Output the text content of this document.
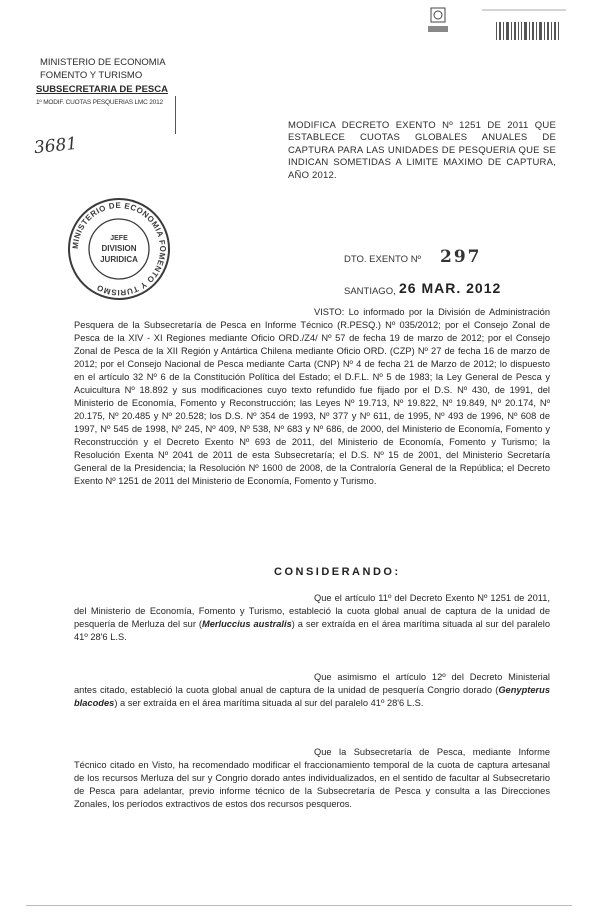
MINISTERIO DE ECONOMIA
FOMENTO Y TURISMO
SUBSECRETARIA DE PESCA
1º MODIF. CUOTAS PESQUERIAS LMC 2012
3681
MODIFICA DECRETO EXENTO Nº 1251 DE 2011 QUE ESTABLECE CUOTAS GLOBALES ANUALES DE CAPTURA PARA LAS UNIDADES DE PESQUERIA QUE SE INDICAN SOMETIDAS A LIMITE MAXIMO DE CAPTURA, AÑO 2012.
MINISTERIO DE ECONOMIA FOMENTO Y TURISMO
JEFE
DIVISION
JURIDICA	DTO. EXENTO Nº 297
SANTIAGO, 26 MAR. 2012
VISTO: Lo informado por la División de Administración Pesquera de la Subsecretaría de Pesca en Informe Técnico (R.PESQ.) Nº 035/2012; por el Consejo Zonal de Pesca de la XIV - XI Regiones mediante Oficio ORD./Z4/ Nº 57 de fecha 19 de marzo de 2012; por el Consejo Zonal de Pesca de la XII Región y Antártica Chilena mediante Oficio ORD. (CZP) Nº 27 de fecha 16 de marzo de 2012; por el Consejo Nacional de Pesca mediante Carta (CNP) Nº 4 de fecha 21 de Marzo de 2012; lo dispuesto en el artículo 32 Nº 6 de la Constitución Política del Estado; el D.F.L. Nº 5 de 1983; la Ley General de Pesca y Acuicultura Nº 18.892 y sus modificaciones cuyo texto refundido fue fijado por el D.S. Nº 430, de 1991, del Ministerio de Economía, Fomento y Reconstrucción; las Leyes Nº 19.713, Nº 19.822, Nº 19.849, Nº 20.174, Nº 20.175, Nº 20.485 y Nº 20.528; los D.S. Nº 354 de 1993, Nº 377 y Nº 611, de 1995, Nº 493 de 1996, Nº 608 de 1997, Nº 545 de 1998, Nº 245, Nº 409, Nº 538, Nº 683 y Nº 686, de 2000, del Ministerio de Economía, Fomento y Reconstrucción y el Decreto Exento Nº 693 de 2011, del Ministerio de Economía, Fomento y Turismo; la Resolución Exenta Nº 2041 de 2011 de esta Subsecretaría; el D.S. Nº 15 de 2001, del Ministerio Secretaría General de la Presidencia; la Resolución Nº 1600 de 2008, de la Contraloría General de la República; el Decreto Exento Nº 1251 de 2011 del Ministerio de Economía, Fomento y Turismo.
CONSIDERANDO:
Que el artículo 11º del Decreto Exento Nº 1251 de 2011, del Ministerio de Economía, Fomento y Turismo, estableció la cuota global anual de captura de la unidad de pesquería de Merluza del sur (Merluccius australis) a ser extraída en el área marítima situada al sur del paralelo 41º 28'6 L.S.
Que asimismo el artículo 12º del Decreto Ministerial antes citado, estableció la cuota global anual de captura de la unidad de pesquería Congrio dorado (Genypterus blacodes) a ser extraída en el área marítima situada al sur del paralelo 41º 28'6 L.S.
Que la Subsecretaría de Pesca, mediante Informe Técnico citado en Visto, ha recomendado modificar el fraccionamiento temporal de la cuota de captura artesanal de los recursos Merluza del sur y Congrio dorado antes individualizados, en el sentido de facultar al Subsecretario de Pesca para adelantar, previo informe técnico de la Subsecretaría de Pesca y consulta a las Direcciones Zonales, los períodos extractivos de estos dos recursos pesqueros.
